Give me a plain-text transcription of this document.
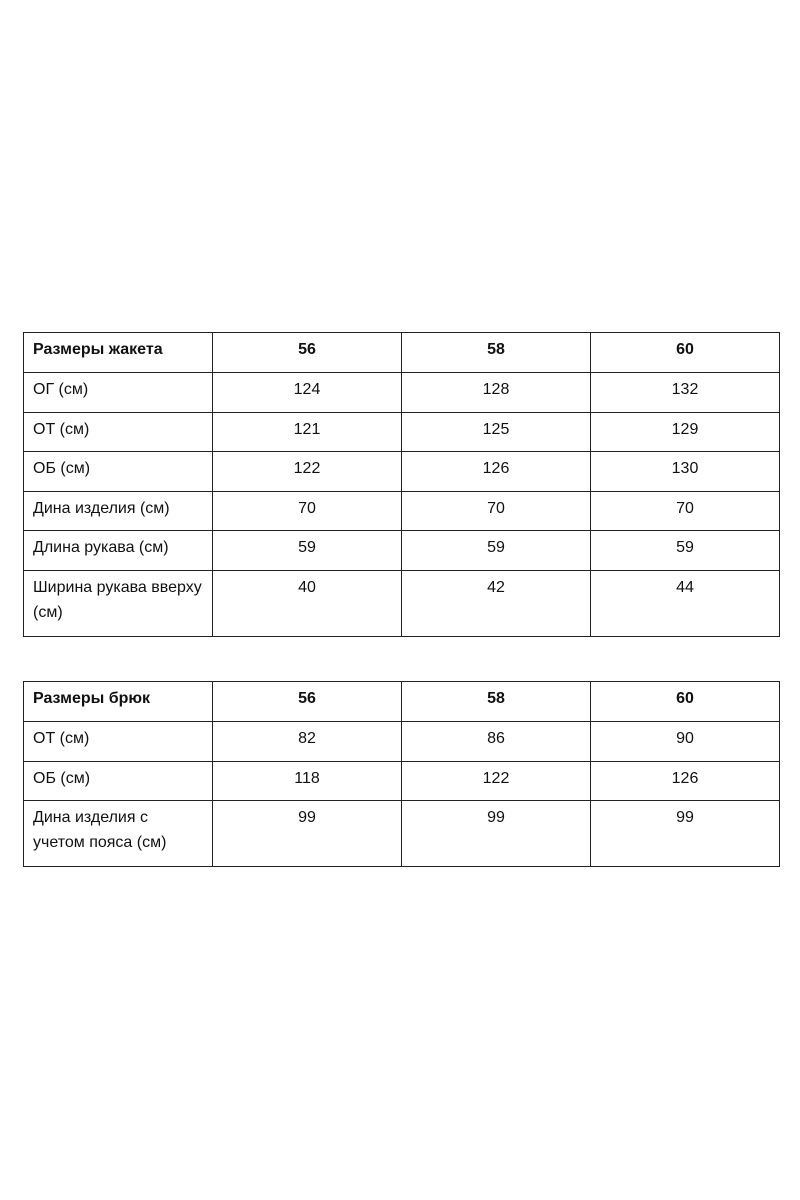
Размеры жакета	56	58	60
ОГ (см)	124	128	132
ОТ (см)	121	125	129
ОБ (см)	122	126	130
Дина изделия (см)	70	70	70
Длина рукава (см)	59	59	59
Ширина рукава вверху (см)	40	42	44
Размеры брюк	56	58	60
ОТ (см)	82	86	90
ОБ (см)	118	122	126
Дина изделия с учетом пояса (см)	99	99	99
